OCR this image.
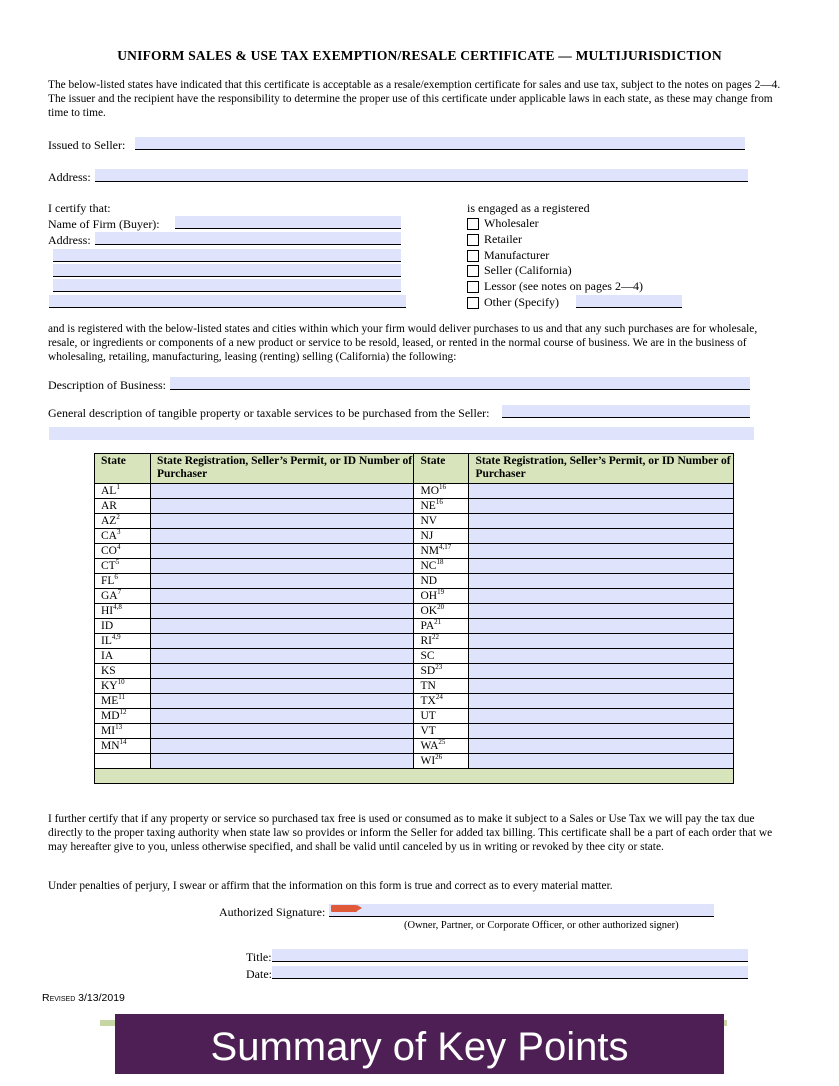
UNIFORM SALES & USE TAX EXEMPTION/RESALE CERTIFICATE — MULTIJURISDICTION
The below-listed states have indicated that this certificate is acceptable as a resale/exemption certificate for sales and use tax, subject to the notes on pages 2—4. The issuer and the recipient have the responsibility to determine the proper use of this certificate under applicable laws in each state, as these may change from time to time.
Issued to Seller:
Address:
I certify that:
Name of Firm (Buyer):
Address:
is engaged as a registered
Wholesaler
Retailer
Manufacturer
Seller (California)
Lessor (see notes on pages 2—4)
Other (Specify)
and is registered with the below-listed states and cities within which your firm would deliver purchases to us and that any such purchases are for wholesale, resale, or ingredients or components of a new product or service to be resold, leased, or rented in the normal course of business. We are in the business of wholesaling, retailing, manufacturing, leasing (renting) selling (California) the following:
Description of Business:
General description of tangible property or taxable services to be purchased from the Seller:
State	State Registration, Seller’s Permit, or ID Number of Purchaser	State	State Registration, Seller’s Permit, or ID Number of Purchaser
$AL^1$		MO$^{16}$	
AR		NE$^{16}$	
$AZ^2$		NV	
$CA^3$		NJ	
$CO^4$		NM$^{4,17}$	
$CT^5$		NC$^{18}$	
$FL^6$		ND	
$GA^7$		OH$^{19}$	
HI$^{4,8}$		OK$^{20}$	
ID		PA$^{21}$	
IL$^{4,9}$		RI$^{22}$	
IA		SC	
KS		SD$^{23}$	
KY$^{10}$		TN	
ME$^{11}$		TX$^{24}$	
MD$^{12}$		UT	
MI$^{13}$		VT	
MN$^{14}$		WA$^{25}$	
		WI$^{26}$	

I further certify that if any property or service so purchased tax free is used or consumed as to make it subject to a Sales or Use Tax we will pay the tax due directly to the proper taxing authority when state law so provides or inform the Seller for added tax billing. This certificate shall be a part of each order that we may hereafter give to you, unless otherwise specified, and shall be valid until canceled by us in writing or revoked by thee city or state.
Under penalties of perjury, I swear or affirm that the information on this form is true and correct as to every material matter.
Authorized Signature:
(Owner, Partner, or Corporate Officer, or other authorized signer)
Title:
Date:
Revised 3/13/2019
Summary of Key Points
